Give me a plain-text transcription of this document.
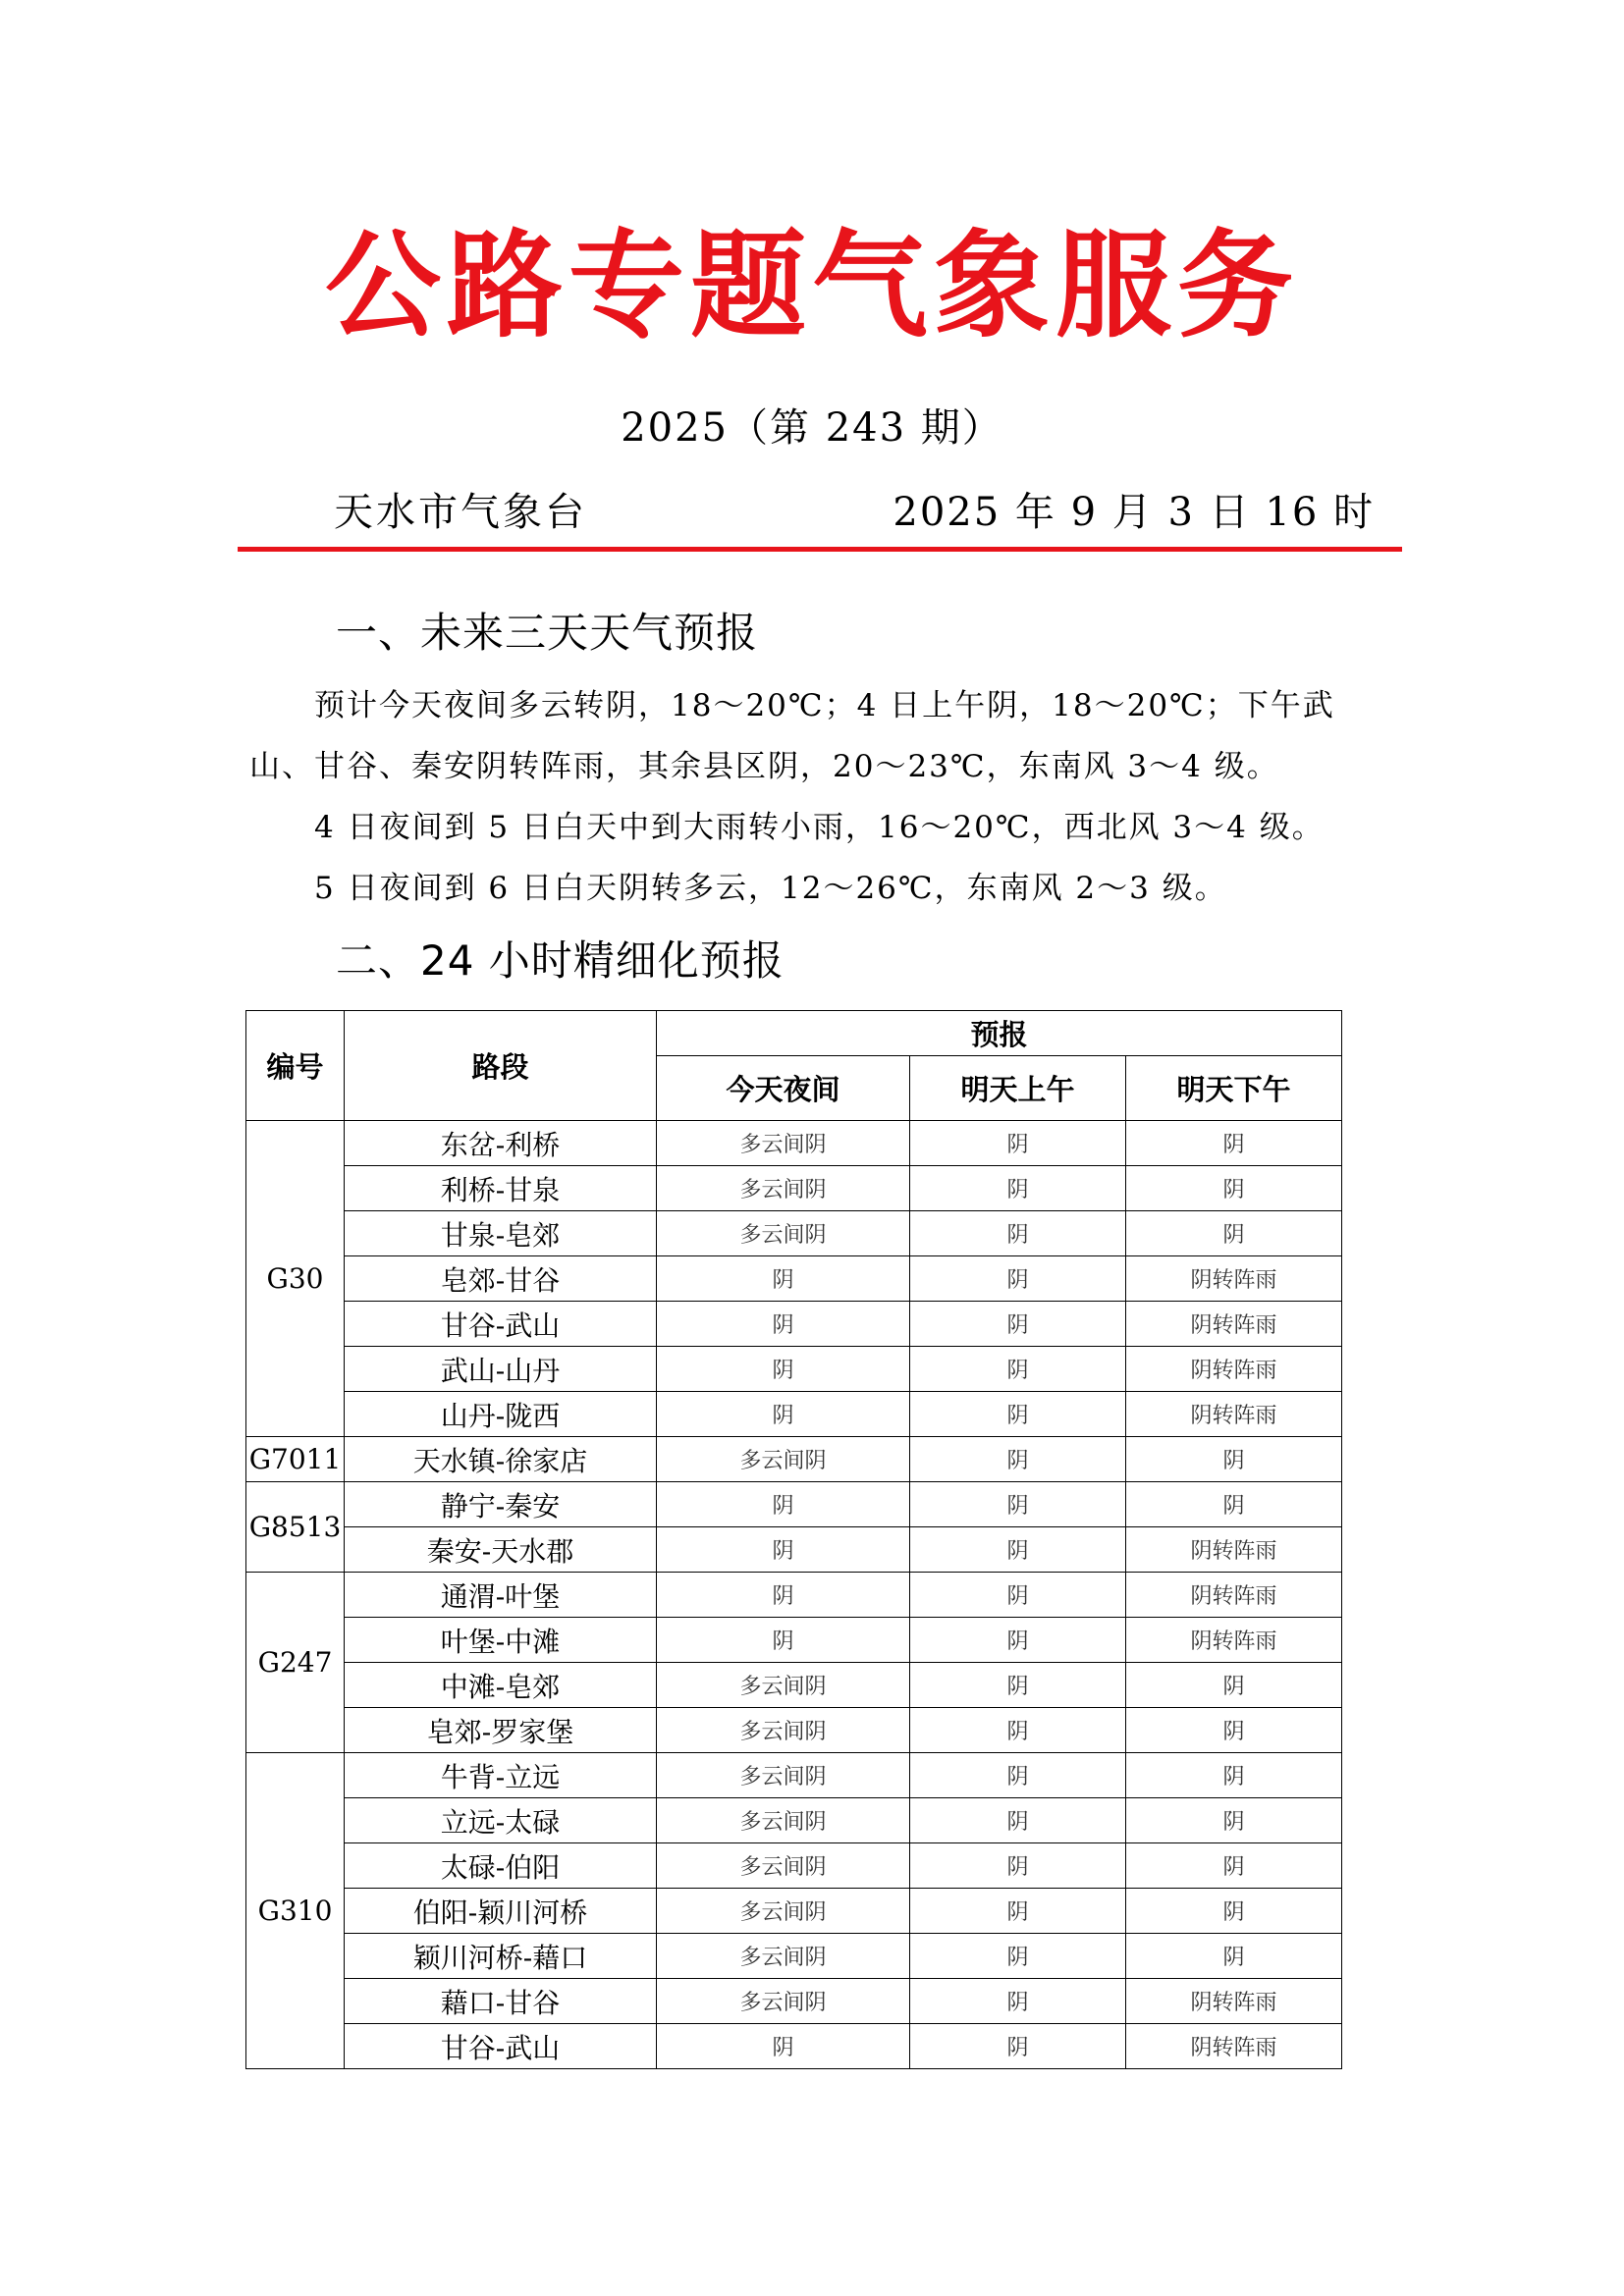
公路专题气象服务
2025（第 243 期）
天水市气象台	2025 年 9 月 3 日 16 时
一、未来三天天气预报

预计今天夜间多云转阴，18～20℃；4 日上午阴，18～20℃；下午武山、甘谷、秦安阴转阵雨，其余县区阴，20～23℃，东南风 3～4 级。

4 日夜间到 5 日白天中到大雨转小雨，16～20℃，西北风 3～4 级。

5 日夜间到 6 日白天阴转多云，12～26℃，东南风 2～3 级。

二、24 小时精细化预报
编号	路段	预报		
		今天夜间	明天上午	明天下午
G30	东岔-利桥	多云间阴	阴	阴
	利桥-甘泉	多云间阴	阴	阴
	甘泉-皂郊	多云间阴	阴	阴
	皂郊-甘谷	阴	阴	阴转阵雨
	甘谷-武山	阴	阴	阴转阵雨
	武山-山丹	阴	阴	阴转阵雨
	山丹-陇西	阴	阴	阴转阵雨
G7011	天水镇-徐家店	多云间阴	阴	阴
G8513	静宁-秦安	阴	阴	阴
	秦安-天水郡	阴	阴	阴转阵雨
G247	通渭-叶堡	阴	阴	阴转阵雨
	叶堡-中滩	阴	阴	阴转阵雨
	中滩-皂郊	多云间阴	阴	阴
	皂郊-罗家堡	多云间阴	阴	阴
G310	牛背-立远	多云间阴	阴	阴
	立远-太碌	多云间阴	阴	阴
	太碌-伯阳	多云间阴	阴	阴
	伯阳-颖川河桥	多云间阴	阴	阴
	颖川河桥-藉口	多云间阴	阴	阴
	藉口-甘谷	多云间阴	阴	阴转阵雨
	甘谷-武山	阴	阴	阴转阵雨
